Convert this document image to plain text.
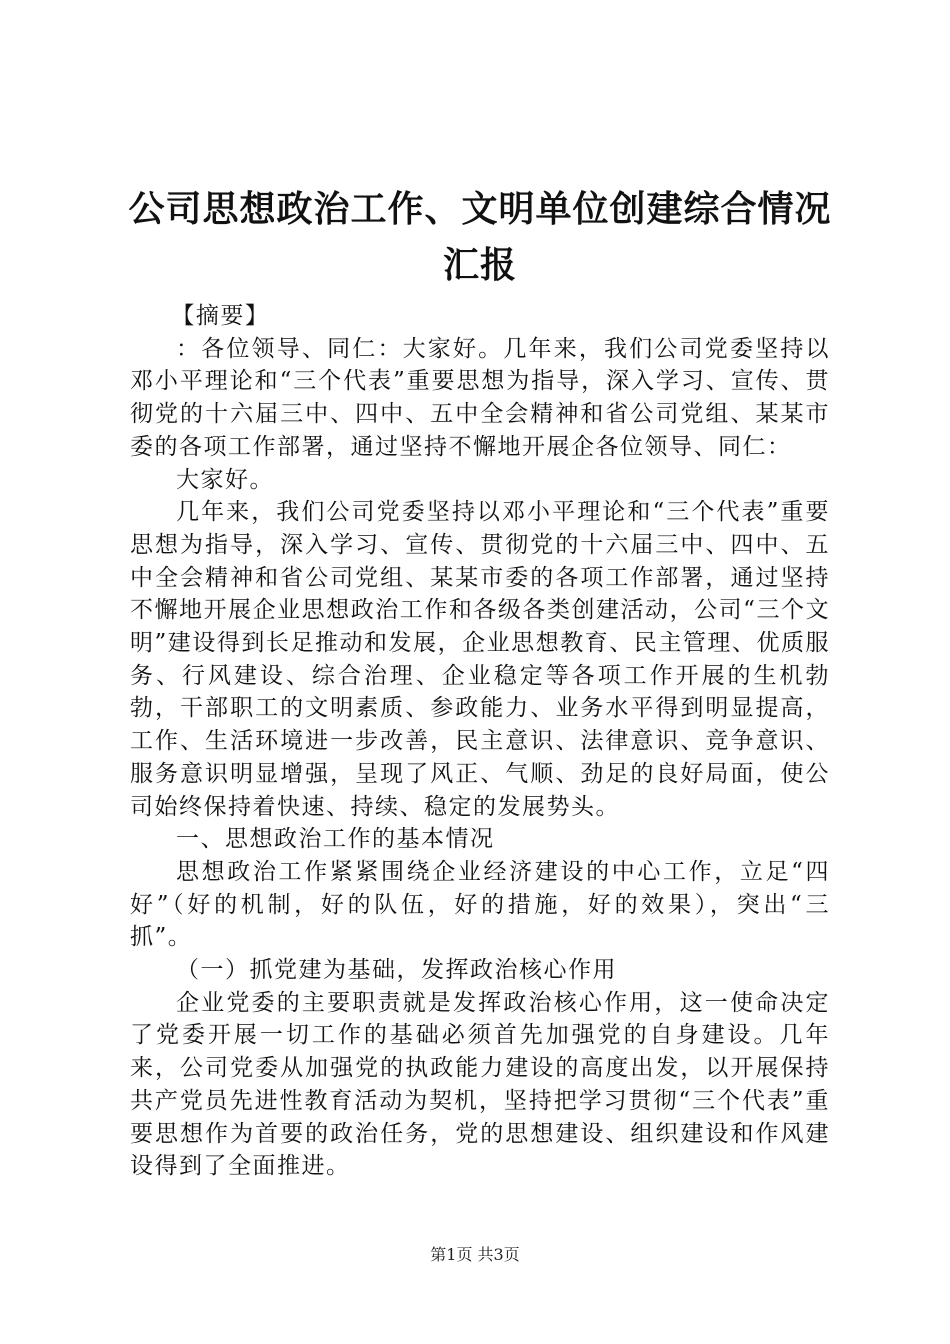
公司思想政治工作、文明单位创建综合情况汇报

【摘要】

：各位领导、同仁：大家好。几年来，我们公司党委坚持以邓小平理论和“三个代表”重要思想为指导，深入学习、宣传、贯彻党的十六届三中、四中、五中全会精神和省公司党组、某某市委的各项工作部署，通过坚持不懈地开展企各位领导、同仁：

大家好。

几年来，我们公司党委坚持以邓小平理论和“三个代表”重要思想为指导，深入学习、宣传、贯彻党的十六届三中、四中、五中全会精神和省公司党组、某某市委的各项工作部署，通过坚持不懈地开展企业思想政治工作和各级各类创建活动，公司“三个文明”建设得到长足推动和发展，企业思想教育、民主管理、优质服务、行风建设、综合治理、企业稳定等各项工作开展的生机勃勃，干部职工的文明素质、参政能力、业务水平得到明显提高，工作、生活环境进一步改善，民主意识、法律意识、竞争意识、服务意识明显增强，呈现了风正、气顺、劲足的良好局面，使公司始终保持着快速、持续、稳定的发展势头。

一、思想政治工作的基本情况

思想政治工作紧紧围绕企业经济建设的中心工作，立足“四好”（好的机制，好的队伍，好的措施，好的效果），突出“三抓”。

（一）抓党建为基础，发挥政治核心作用

企业党委的主要职责就是发挥政治核心作用，这一使命决定了党委开展一切工作的基础必须首先加强党的自身建设。几年来，公司党委从加强党的执政能力建设的高度出发，以开展保持共产党员先进性教育活动为契机，坚持把学习贯彻“三个代表”重要思想作为首要的政治任务，党的思想建设、组织建设和作风建设得到了全面推进。

第1页 共3页
